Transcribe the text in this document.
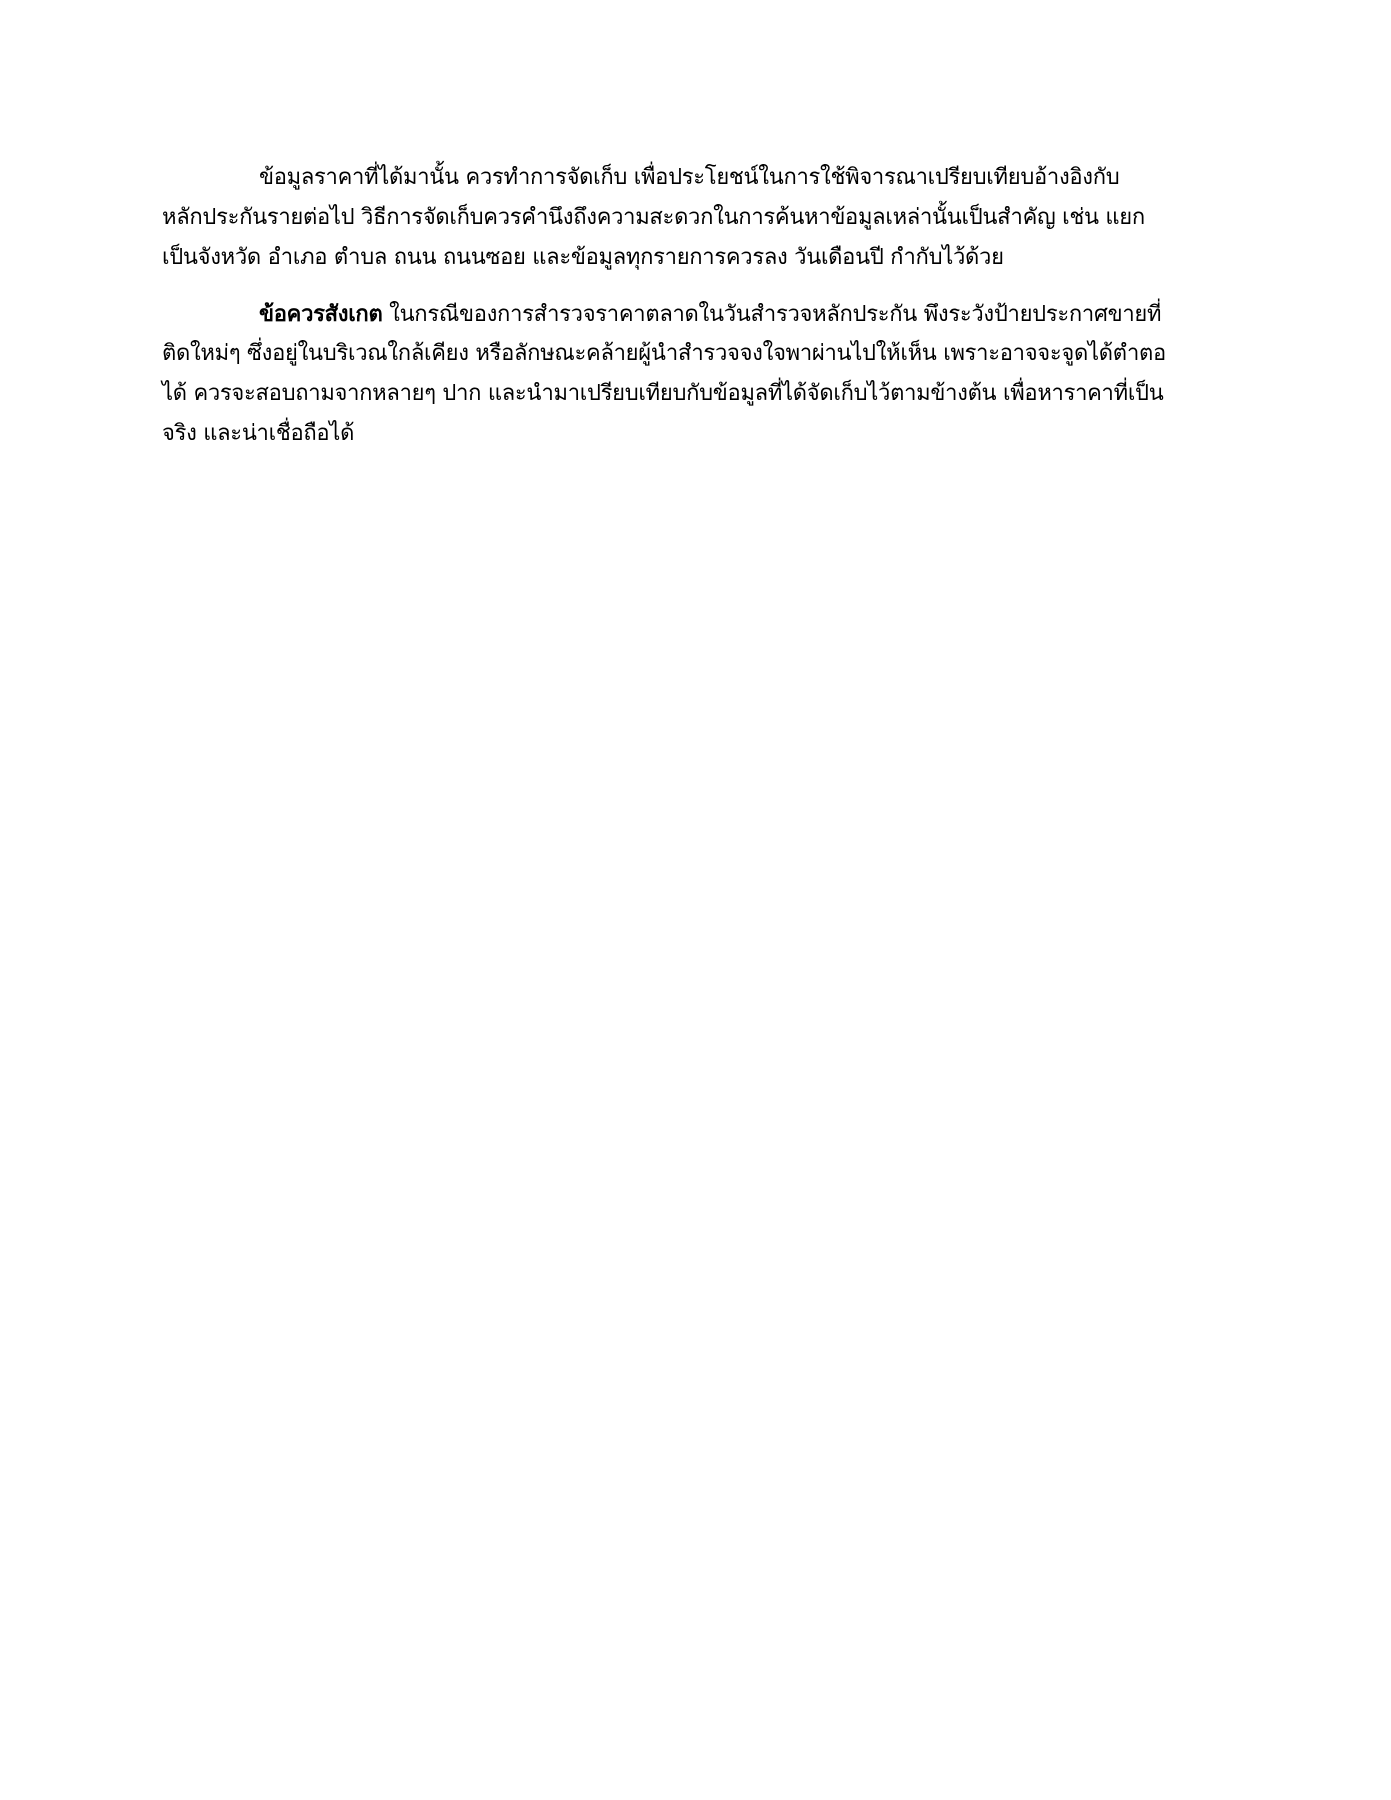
ข้อมูลราคาที่ได้มานั้น ควรทำการจัดเก็บ เพื่อประโยชน์ในการใช้พิจารณาเปรียบเทียบอ้างอิงกับ
หลักประกันรายต่อไป วิธีการจัดเก็บควรคำนึงถึงความสะดวกในการค้นหาข้อมูลเหล่านั้นเป็นสำคัญ เช่น แยก
เป็นจังหวัด อำเภอ ตำบล ถนน ถนนซอย และข้อมูลทุกรายการควรลง วันเดือนปี กำกับไว้ด้วย
ข้อควรสังเกต ในกรณีของการสำรวจราคาตลาดในวันสำรวจหลักประกัน พึงระวังป้ายประกาศขายที่
ติดใหม่ๆ ซึ่งอยู่ในบริเวณใกล้เคียง หรือลักษณะคล้ายผู้นำสำรวจจงใจพาผ่านไปให้เห็น เพราะอาจจะจูดได้ตำตอ
ได้ ควรจะสอบถามจากหลายๆ ปาก และนำมาเปรียบเทียบกับข้อมูลที่ได้จัดเก็บไว้ตามข้างต้น เพื่อหาราคาที่เป็น
จริง และน่าเชื่อถือได้
